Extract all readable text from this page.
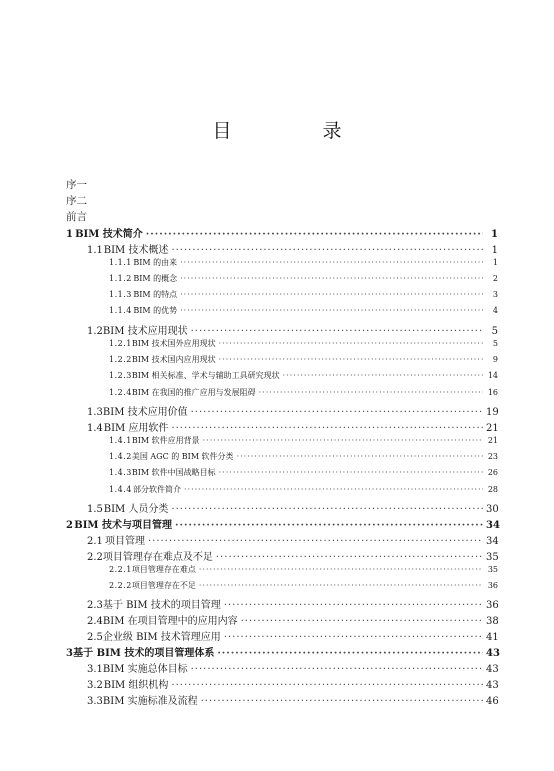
目　录
序一
序二
前言
1 BIM 技术简介 ·····	1
1.1 BIM 技术概述 ·····	1
1.1.1 BIM 的由来 ·····	1
1.1.2 BIM 的概念 ·····	2
1.1.3 BIM 的特点 ·····	3
1.1.4 BIM 的优势 ·····	4
1.2 BIM 技术应用现状 ·····	5
1.2.1 BIM 技术国外应用现状 ·····	5
1.2.2 BIM 技术国内应用现状 ·····	9
1.2.3 BIM 相关标准、学术与辅助工具研究现状 ·····	14
1.2.4 BIM 在我国的推广应用与发展阻碍 ·····	16
1.3 BIM 技术应用价值 ·····	19
1.4 BIM 应用软件 ·····	21
1.4.1 BIM 软件应用背景 ·····	21
1.4.2 美国 AGC 的 BIM 软件分类 ·····	23
1.4.3 BIM 软件中国战略目标 ·····	26
1.4.4 部分软件简介 ·····	28
1.5 BIM 人员分类 ·····	30
2 BIM 技术与项目管理 ·····	34
2.1 项目管理 ·····	34
2.2 项目管理存在难点及不足 ·····	35
2.2.1 项目管理存在难点 ·····	35
2.2.2 项目管理存在不足 ·····	36
2.3 基于 BIM 技术的项目管理 ·····	36
2.4 BIM 在项目管理中的应用内容 ·····	38
2.5 企业级 BIM 技术管理应用 ·····	41
3 基于 BIM 技术的项目管理体系 ·····	43
3.1 BIM 实施总体目标 ·····	43
3.2 BIM 组织机构 ·····	43
3.3 BIM 实施标准及流程 ·····	46
